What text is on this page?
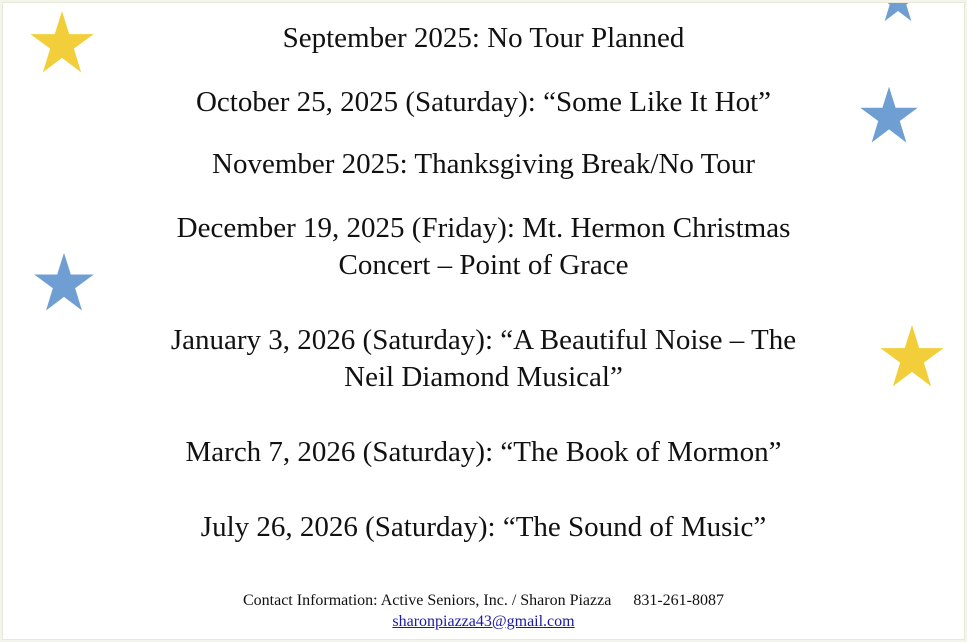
September 2025: No Tour Planned
October 25, 2025 (Saturday): “Some Like It Hot”
November 2025: Thanksgiving Break/No Tour
December 19, 2025 (Friday): Mt. Hermon Christmas
Concert – Point of Grace
January 3, 2026 (Saturday): “A Beautiful Noise – The
Neil Diamond Musical”
March 7, 2026 (Saturday): “The Book of Mormon”
July 26, 2026 (Saturday): “The Sound of Music”
Contact Information: Active Seniors, Inc. / Sharon Piazza 831-261-8087
sharonpiazza43@gmail.com
